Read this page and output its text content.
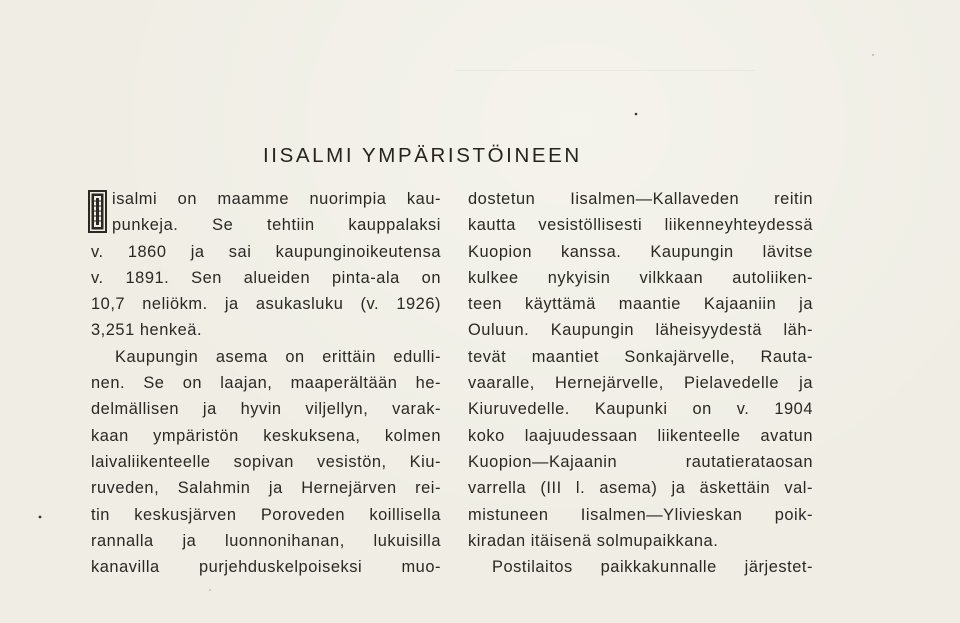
IISALMI YMPÄRISTÖINEEN
isalmi on maamme nuorimpia kau-
punkeja. Se tehtiin kauppalaksi
v. 1860 ja sai kaupunginoikeutensa
v. 1891. Sen alueiden pinta-ala on
10,7 neliökm. ja asukasluku (v. 1926)
3,251 henkeä.
Kaupungin asema on erittäin edulli-
nen. Se on laajan, maaperältään he-
delmällisen ja hyvin viljellyn, varak-
kaan ympäristön keskuksena, kolmen
laivaliikenteelle sopivan vesistön, Kiu-
ruveden, Salahmin ja Hernejärven rei-
tin keskusjärven Poroveden koillisella
rannalla ja luonnonihanan, lukuisilla
kanavilla purjehduskelpoiseksi muo-
dostetun Iisalmen—Kallaveden reitin
kautta vesistöllisesti liikenneyhteydessä
Kuopion kanssa. Kaupungin lävitse
kulkee nykyisin vilkkaan autoliiken-
teen käyttämä maantie Kajaaniin ja
Ouluun. Kaupungin läheisyydestä läh-
tevät maantiet Sonkajärvelle, Rauta-
vaaralle, Hernejärvelle, Pielavedelle ja
Kiuruvedelle. Kaupunki on v. 1904
koko laajuudessaan liikenteelle avatun
Kuopion—Kajaanin rautatierataosan
varrella (III l. asema) ja äskettäin val-
mistuneen Iisalmen—Ylivieskan poik-
kiradan itäisenä solmupaikkana.
Postilaitos paikkakunnalle järjestet-
